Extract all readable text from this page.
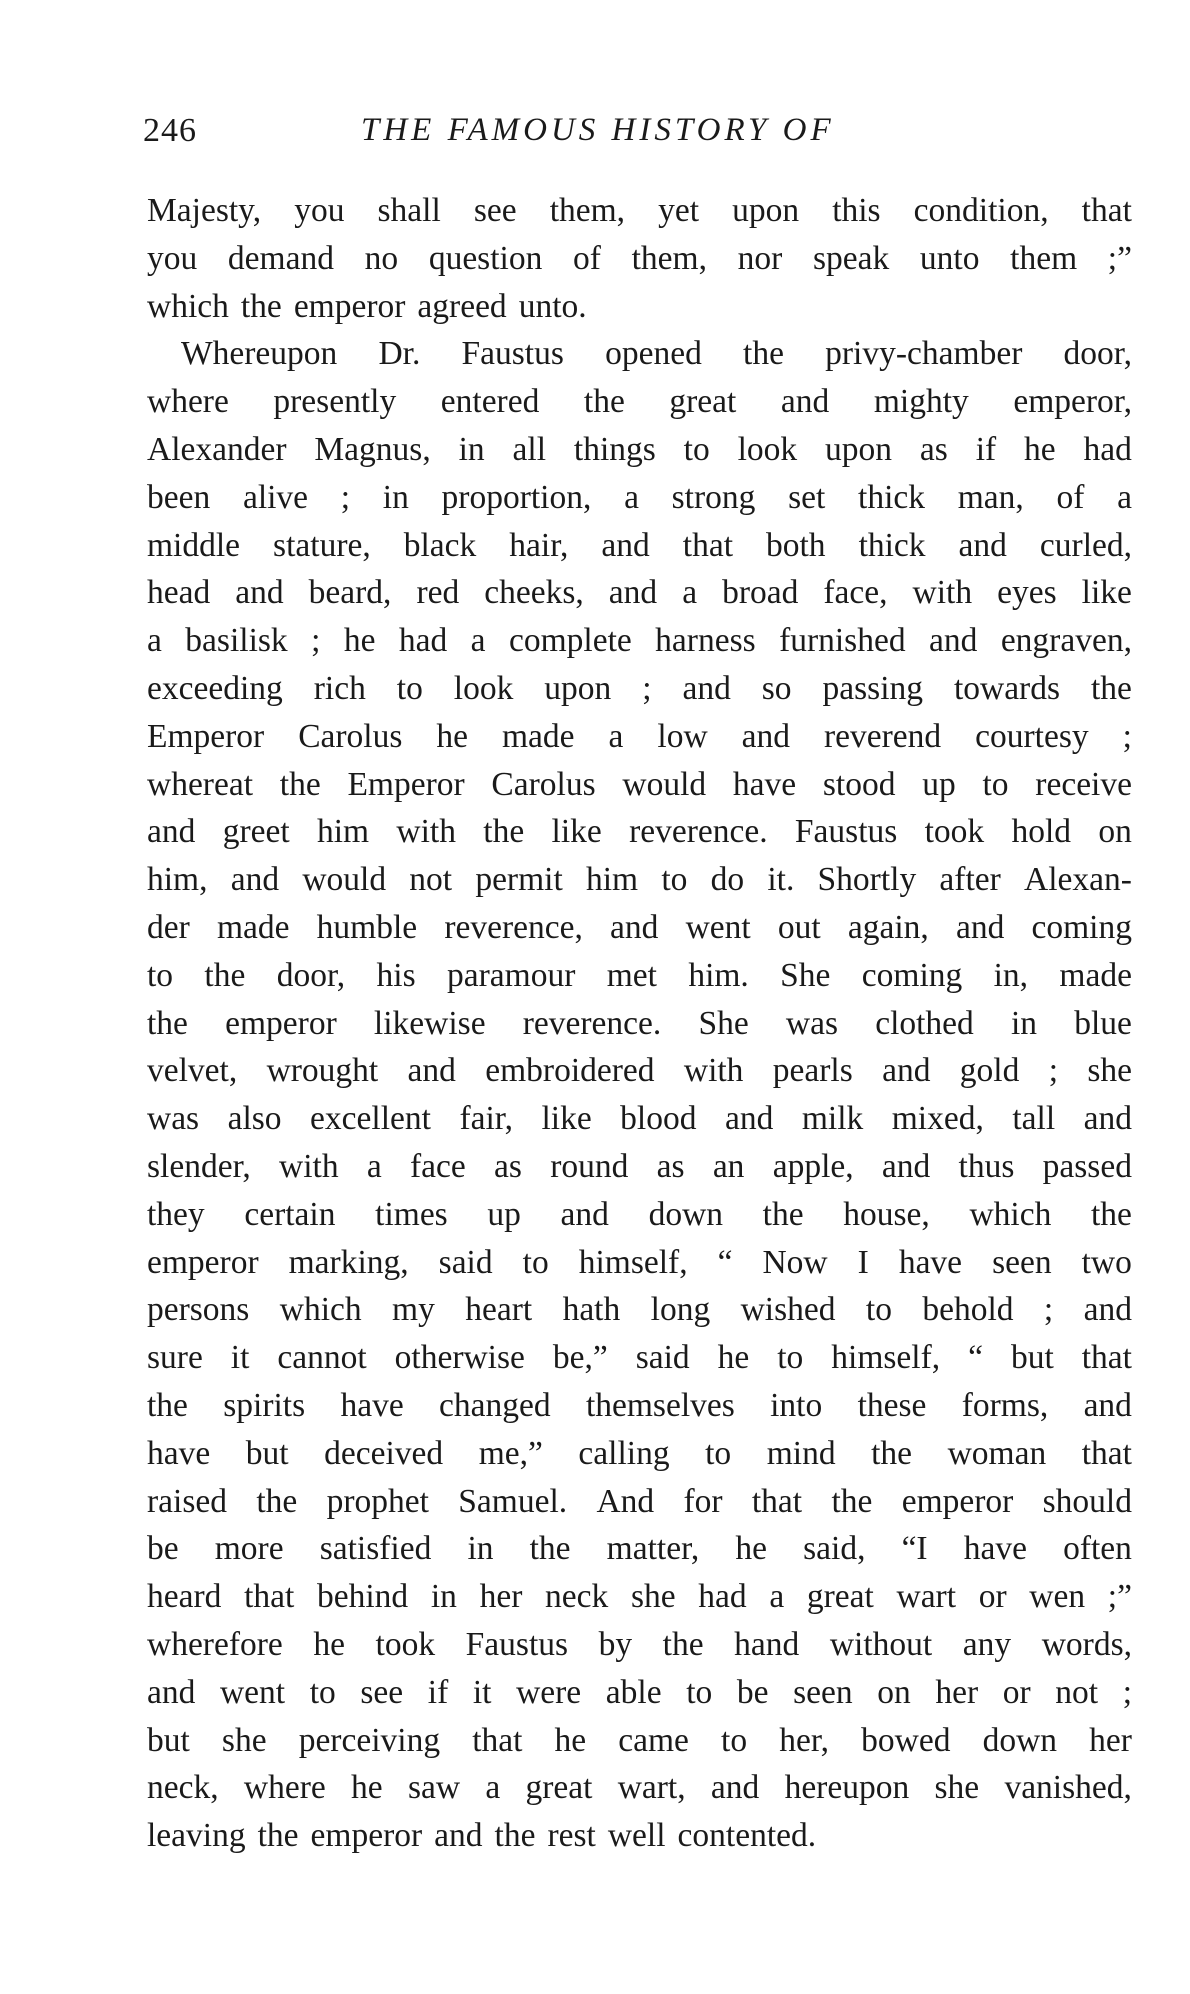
246	THE FAMOUS HISTORY OF
Majesty, you shall see them, yet upon this condition, that
you demand no question of them, nor speak unto them ;”
which the emperor agreed unto.
Whereupon Dr. Faustus opened the privy-chamber door,
where presently entered the great and mighty emperor,
Alexander Magnus, in all things to look upon as if he had
been alive ; in proportion, a strong set thick man, of a
middle stature, black hair, and that both thick and curled,
head and beard, red cheeks, and a broad face, with eyes like
a basilisk ; he had a complete harness furnished and engraven,
exceeding rich to look upon ; and so passing towards the
Emperor Carolus he made a low and reverend courtesy ;
whereat the Emperor Carolus would have stood up to receive
and greet him with the like reverence. Faustus took hold on
him, and would not permit him to do it. Shortly after Alexan-
der made humble reverence, and went out again, and coming
to the door, his paramour met him. She coming in, made
the emperor likewise reverence. She was clothed in blue
velvet, wrought and embroidered with pearls and gold ; she
was also excellent fair, like blood and milk mixed, tall and
slender, with a face as round as an apple, and thus passed
they certain times up and down the house, which the
emperor marking, said to himself, “ Now I have seen two
persons which my heart hath long wished to behold ; and
sure it cannot otherwise be,” said he to himself, “ but that
the spirits have changed themselves into these forms, and
have but deceived me,” calling to mind the woman that
raised the prophet Samuel. And for that the emperor should
be more satisfied in the matter, he said, “I have often
heard that behind in her neck she had a great wart or wen ;”
wherefore he took Faustus by the hand without any words,
and went to see if it were able to be seen on her or not ;
but she perceiving that he came to her, bowed down her
neck, where he saw a great wart, and hereupon she vanished,
leaving the emperor and the rest well contented.
